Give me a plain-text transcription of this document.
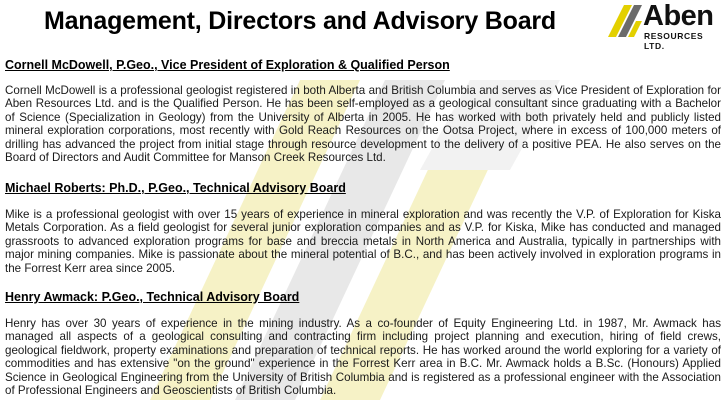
Management, Directors and Advisory Board	Aben
RESOURCES LTD.
Cornell McDowell, P.Geo., Vice President of Exploration & Qualified Person
Cornell McDowell is a professional geologist registered in both Alberta and British Columbia and serves as Vice President of Exploration for Aben Resources Ltd. and is the Qualified Person. He has been self-employed as a geological consultant since graduating with a Bachelor of Science (Specialization in Geology) from the University of Alberta in 2005. He has worked with both privately held and publicly listed mineral exploration corporations, most recently with Gold Reach Resources on the Ootsa Project, where in excess of 100,000 meters of drilling has advanced the project from initial stage through resource development to the delivery of a positive PEA. He also serves on the Board of Directors and Audit Committee for Manson Creek Resources Ltd.
Michael Roberts: Ph.D., P.Geo., Technical Advisory Board
Mike is a professional geologist with over 15 years of experience in mineral exploration and was recently the V.P. of Exploration for Kiska Metals Corporation. As a field geologist for several junior exploration companies and as V.P. for Kiska, Mike has conducted and managed grassroots to advanced exploration programs for base and breccia metals in North America and Australia, typically in partnerships with major mining companies. Mike is passionate about the mineral potential of B.C., and has been actively involved in exploration programs in the Forrest Kerr area since 2005.
Henry Awmack: P.Geo., Technical Advisory Board
Henry has over 30 years of experience in the mining industry. As a co-founder of Equity Engineering Ltd. in 1987, Mr. Awmack has managed all aspects of a geological consulting and contracting firm including project planning and execution, hiring of field crews, geological fieldwork, property examinations and preparation of technical reports. He has worked around the world exploring for a variety of commodities and has extensive "on the ground" experience in the Forrest Kerr area in B.C. Mr. Awmack holds a B.Sc. (Honours) Applied Science in Geological Engineering from the University of British Columbia and is registered as a professional engineer with the Association of Professional Engineers and Geoscientists of British Columbia.
